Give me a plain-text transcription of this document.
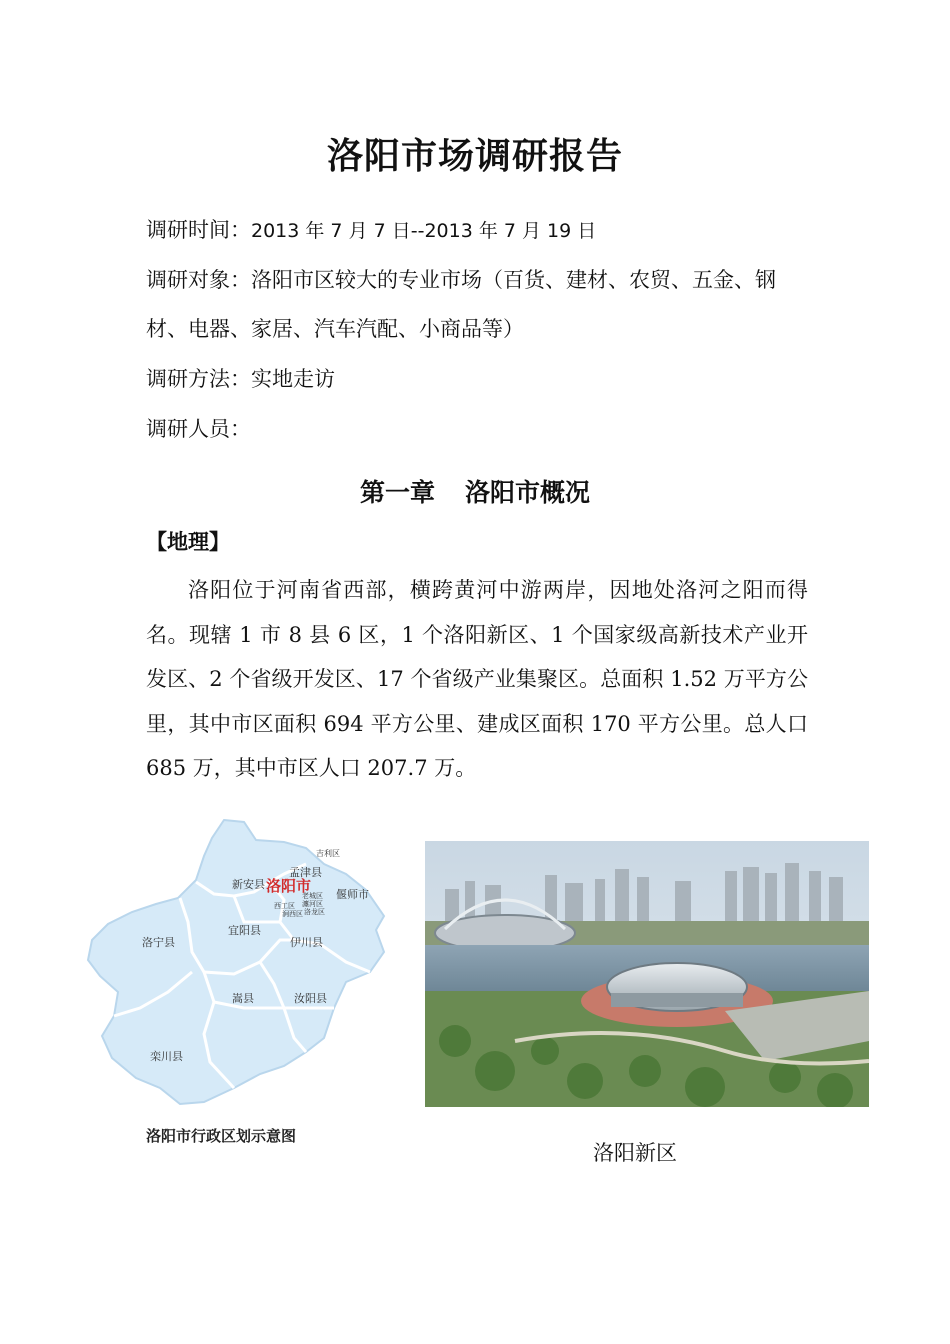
洛阳市场调研报告
调研时间：2013 年 7 月 7 日--2013 年 7 月 19 日
调研对象：洛阳市区较大的专业市场（百货、建材、农贸、五金、钢
材、电器、家居、汽车汽配、小商品等）
调研方法：实地走访
调研人员：
第一章 洛阳市概况
【地理】
洛阳位于河南省西部，横跨黄河中游两岸，因地处洛河之阳而得名。现辖 1 市 8 县 6 区，1 个洛阳新区、1 个国家级高新技术产业开发区、2 个省级开发区、17 个省级产业集聚区。总面积 1.52 万平方公里，其中市区面积 694 平方公里、建成区面积 170 平方公里。总人口 685 万，其中市区人口 207.7 万。
吉利区
孟津县
新安县
偃师市
老城区
瀍河区
西工区
涧西区 洛龙区
洛宁县
宜阳县
伊川县
嵩县	汝阳县
栾川县
洛阳市
洛阳市行政区划示意图
洛阳新区
